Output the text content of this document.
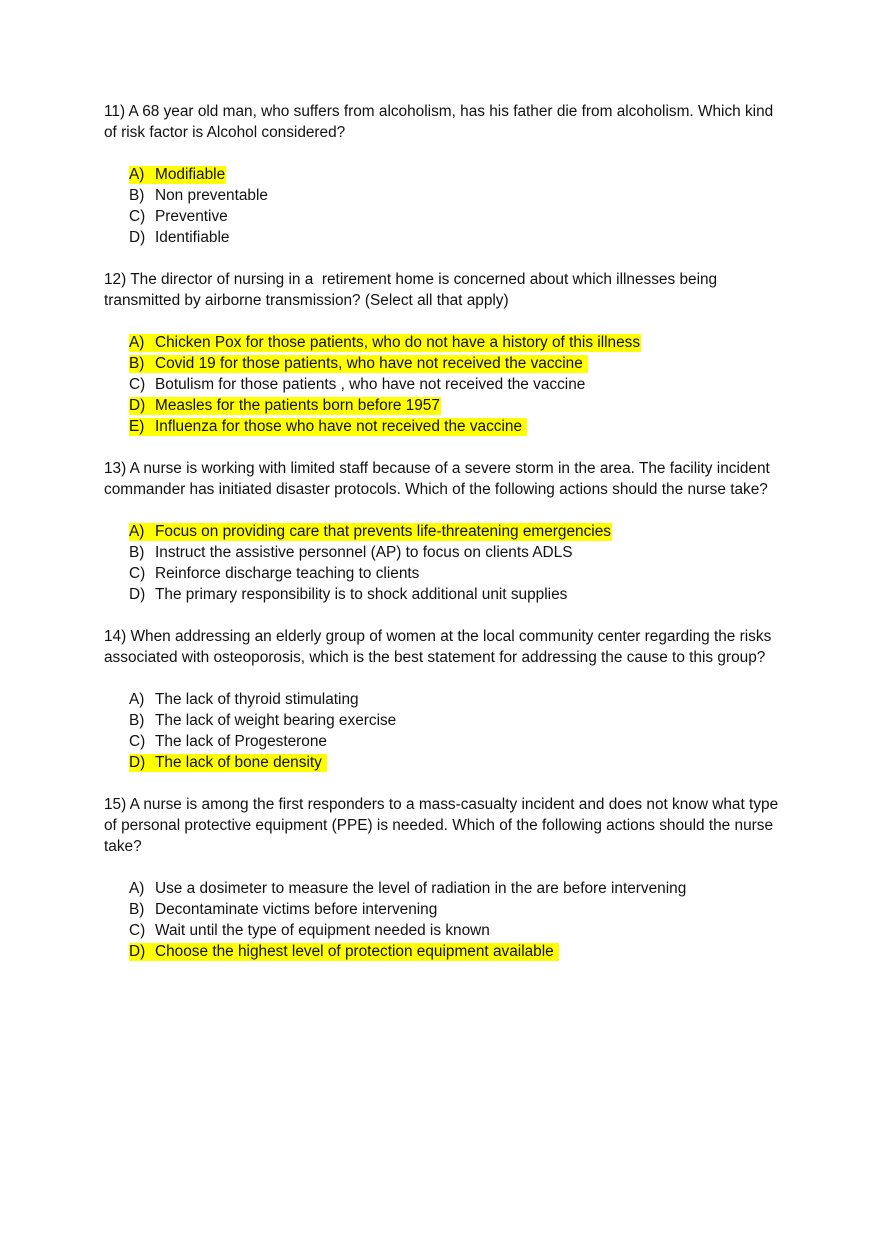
11) A 68 year old man, who suffers from alcoholism, has his father die from alcoholism. Which kind of risk factor is Alcohol considered?

A) Modifiable
B) Non preventable
C) Preventive
D) Identifiable

12) The director of nursing in a  retirement home is concerned about which illnesses being transmitted by airborne transmission? (Select all that apply)

A) Chicken Pox for those patients, who do not have a history of this illness
B) Covid 19 for those patients, who have not received the vaccine
C) Botulism for those patients , who have not received the vaccine
D) Measles for the patients born before 1957
E) Influenza for those who have not received the vaccine

13) A nurse is working with limited staff because of a severe storm in the area. The facility incident commander has initiated disaster protocols. Which of the following actions should the nurse take?

A) Focus on providing care that prevents life-threatening emergencies
B) Instruct the assistive personnel (AP) to focus on clients ADLS
C) Reinforce discharge teaching to clients
D) The primary responsibility is to shock additional unit supplies

14) When addressing an elderly group of women at the local community center regarding the risks associated with osteoporosis, which is the best statement for addressing the cause to this group?

A) The lack of thyroid stimulating
B) The lack of weight bearing exercise
C) The lack of Progesterone
D) The lack of bone density

15) A nurse is among the first responders to a mass-casualty incident and does not know what type of personal protective equipment (PPE) is needed. Which of the following actions should the nurse take?

A) Use a dosimeter to measure the level of radiation in the are before intervening
B) Decontaminate victims before intervening
C) Wait until the type of equipment needed is known
D) Choose the highest level of protection equipment available
